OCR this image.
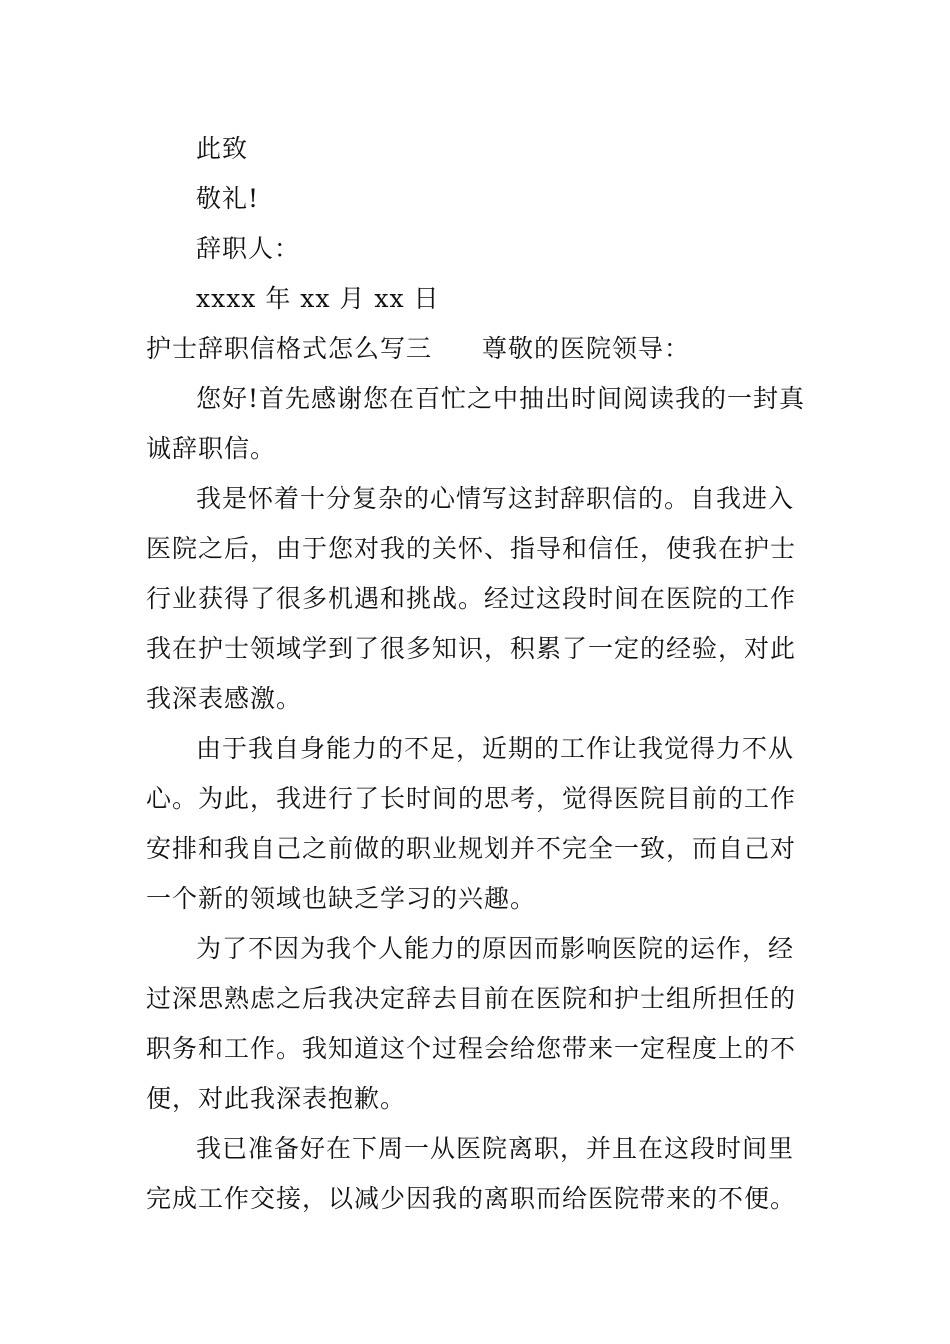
此致
敬礼!
辞职人：
xxxx 年 xx 月 xx 日
护士辞职信格式怎么写三 尊敬的医院领导：
您好!首先感谢您在百忙之中抽出时间阅读我的一封真
诚辞职信。
我是怀着十分复杂的心情写这封辞职信的。自我进入
医院之后，由于您对我的关怀、指导和信任，使我在护士
行业获得了很多机遇和挑战。经过这段时间在医院的工作
我在护士领域学到了很多知识，积累了一定的经验，对此
我深表感激。
由于我自身能力的不足，近期的工作让我觉得力不从
心。为此，我进行了长时间的思考，觉得医院目前的工作
安排和我自己之前做的职业规划并不完全一致，而自己对
一个新的领域也缺乏学习的兴趣。
为了不因为我个人能力的原因而影响医院的运作，经
过深思熟虑之后我决定辞去目前在医院和护士组所担任的
职务和工作。我知道这个过程会给您带来一定程度上的不
便，对此我深表抱歉。
我已准备好在下周一从医院离职，并且在这段时间里
完成工作交接，以减少因我的离职而给医院带来的不便。
